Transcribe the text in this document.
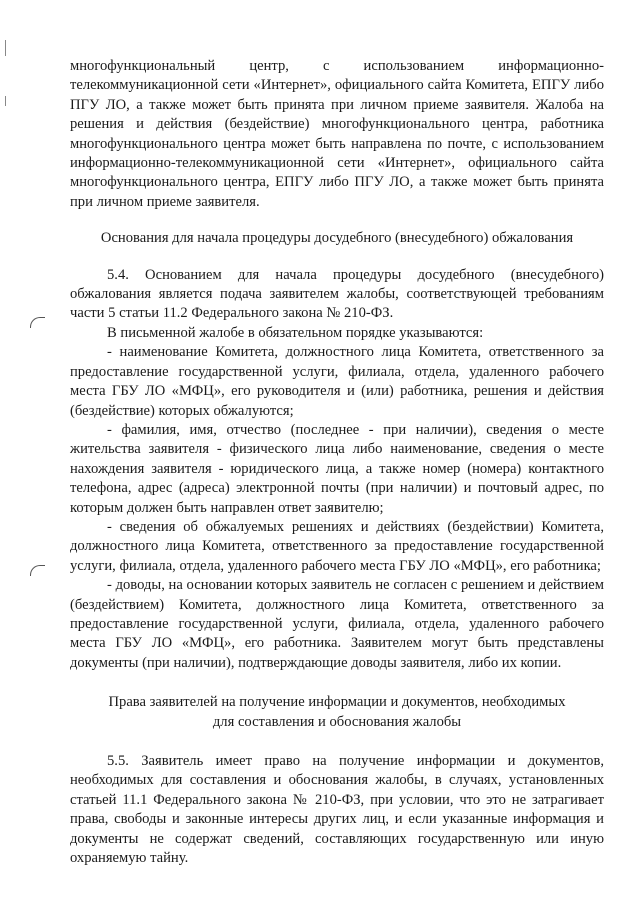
многофункциональный центр, с использованием информационно-телекоммуникационной сети «Интернет», официального сайта Комитета, ЕПГУ либо ПГУ ЛО, а также может быть принята при личном приеме заявителя. Жалоба на решения и действия (бездействие) многофункционального центра, работника многофункционального центра может быть направлена по почте, с использованием информационно-телекоммуникационной сети «Интернет», официального сайта многофункционального центра, ЕПГУ либо ПГУ ЛО, а также может быть принята при личном приеме заявителя.

Основания для начала процедуры досудебного (внесудебного) обжалования

5.4. Основанием для начала процедуры досудебного (внесудебного) обжалования является подача заявителем жалобы, соответствующей требованиям части 5 статьи 11.2 Федерального закона № 210-ФЗ.

В письменной жалобе в обязательном порядке указываются:

- наименование Комитета, должностного лица Комитета, ответственного за предоставление государственной услуги, филиала, отдела, удаленного рабочего места ГБУ ЛО «МФЦ», его руководителя и (или) работника, решения и действия (бездействие) которых обжалуются;

- фамилия, имя, отчество (последнее - при наличии), сведения о месте жительства заявителя - физического лица либо наименование, сведения о месте нахождения заявителя - юридического лица, а также номер (номера) контактного телефона, адрес (адреса) электронной почты (при наличии) и почтовый адрес, по которым должен быть направлен ответ заявителю;

- сведения об обжалуемых решениях и действиях (бездействии) Комитета, должностного лица Комитета, ответственного за предоставление государственной услуги, филиала, отдела, удаленного рабочего места ГБУ ЛО «МФЦ», его работника;

- доводы, на основании которых заявитель не согласен с решением и действием (бездействием) Комитета, должностного лица Комитета, ответственного за предоставление государственной услуги, филиала, отдела, удаленного рабочего места ГБУ ЛО «МФЦ», его работника. Заявителем могут быть представлены документы (при наличии), подтверждающие доводы заявителя, либо их копии.

Права заявителей на получение информации и документов, необходимых

для составления и обоснования жалобы

5.5. Заявитель имеет право на получение информации и документов, необходимых для составления и обоснования жалобы, в случаях, установленных статьей 11.1 Федерального закона № 210-ФЗ, при условии, что это не затрагивает права, свободы и законные интересы других лиц, и если указанные информация и документы не содержат сведений, составляющих государственную или иную охраняемую тайну.
